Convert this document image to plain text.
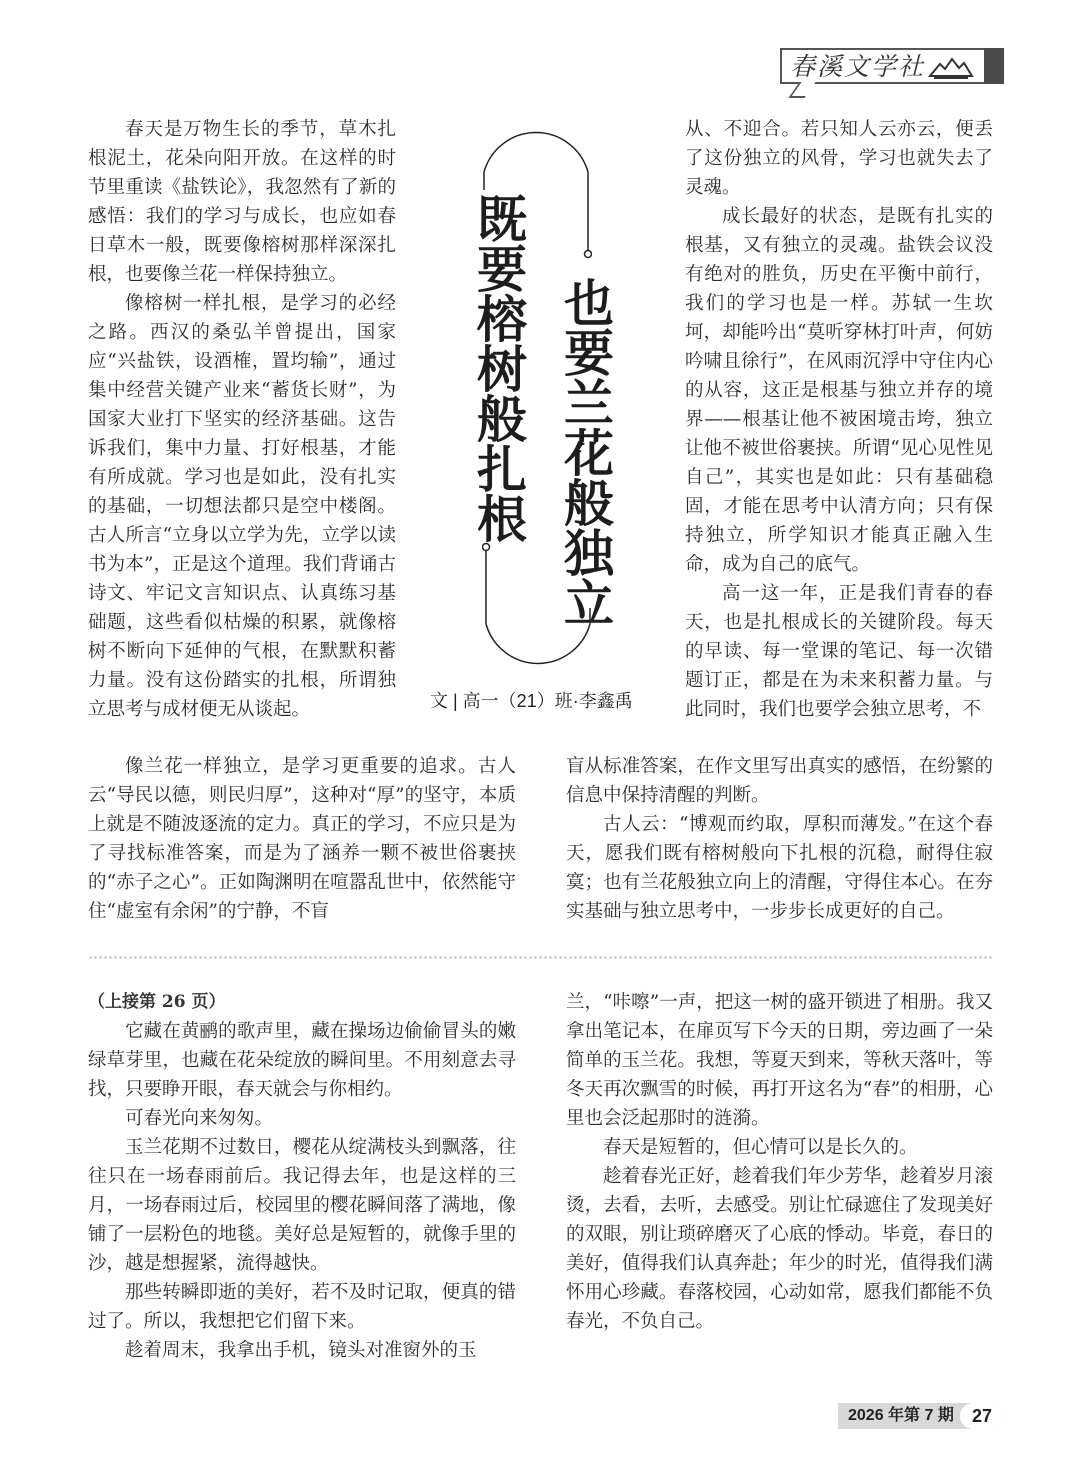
春溪文学社

春天是万物生长的季节，草木扎根泥土，花朵向阳开放。在这样的时节里重读《盐铁论》，我忽然有了新的感悟：我们的学习与成长，也应如春日草木一般，既要像榕树那样深深扎根，也要像兰花一样保持独立。

像榕树一样扎根，是学习的必经之路。西汉的桑弘羊曾提出，国家应“兴盐铁，设酒榷，置均输”，通过集中经营关键产业来“蓄货长财”，为国家大业打下坚实的经济基础。这告诉我们，集中力量、打好根基，才能有所成就。学习也是如此，没有扎实的基础，一切想法都只是空中楼阁。古人所言“立身以立学为先，立学以读书为本”，正是这个道理。我们背诵古诗文、牢记文言知识点、认真练习基础题，这些看似枯燥的积累，就像榕树不断向下延伸的气根，在默默积蓄力量。没有这份踏实的扎根，所谓独立思考与成材便无从谈起。

既要榕树般扎根 也要兰花般独立
文 | 高一（21）班·李鑫禹

从、不迎合。若只知人云亦云，便丢了这份独立的风骨，学习也就失去了灵魂。

成长最好的状态，是既有扎实的根基，又有独立的灵魂。盐铁会议没有绝对的胜负，历史在平衡中前行，我们的学习也是一样。苏轼一生坎坷，却能吟出“莫听穿林打叶声，何妨吟啸且徐行”，在风雨沉浮中守住内心的从容，这正是根基与独立并存的境界——根基让他不被困境击垮，独立让他不被世俗裹挟。所谓“见心见性见自己”，其实也是如此：只有基础稳固，才能在思考中认清方向；只有保持独立，所学知识才能真正融入生命，成为自己的底气。

高一这一年，正是我们青春的春天，也是扎根成长的关键阶段。每天的早读、每一堂课的笔记、每一次错题订正，都是在为未来积蓄力量。与此同时，我们也要学会独立思考，不

像兰花一样独立，是学习更重要的追求。古人云“导民以德，则民归厚”，这种对“厚”的坚守，本质上就是不随波逐流的定力。真正的学习，不应只是为了寻找标准答案，而是为了涵养一颗不被世俗裹挟的“赤子之心”。正如陶渊明在喧嚣乱世中，依然能守住“虚室有余闲”的宁静，不盲

盲从标准答案，在作文里写出真实的感悟，在纷繁的信息中保持清醒的判断。

古人云：“博观而约取，厚积而薄发。”在这个春天，愿我们既有榕树般向下扎根的沉稳，耐得住寂寞；也有兰花般独立向上的清醒，守得住本心。在夯实基础与独立思考中，一步步长成更好的自己。

（上接第 26 页）

它藏在黄鹂的歌声里，藏在操场边偷偷冒头的嫩绿草芽里，也藏在花朵绽放的瞬间里。不用刻意去寻找，只要睁开眼，春天就会与你相约。

可春光向来匆匆。

玉兰花期不过数日，樱花从绽满枝头到飘落，往往只在一场春雨前后。我记得去年，也是这样的三月，一场春雨过后，校园里的樱花瞬间落了满地，像铺了一层粉色的地毯。美好总是短暂的，就像手里的沙，越是想握紧，流得越快。

那些转瞬即逝的美好，若不及时记取，便真的错过了。所以，我想把它们留下来。

趁着周末，我拿出手机，镜头对准窗外的玉

兰，“咔嚓”一声，把这一树的盛开锁进了相册。我又拿出笔记本，在扉页写下今天的日期，旁边画了一朵简单的玉兰花。我想，等夏天到来，等秋天落叶，等冬天再次飘雪的时候，再打开这名为“春”的相册，心里也会泛起那时的涟漪。

春天是短暂的，但心情可以是长久的。

趁着春光正好，趁着我们年少芳华，趁着岁月滚烫，去看，去听，去感受。别让忙碌遮住了发现美好的双眼，别让琐碎磨灭了心底的悸动。毕竟，春日的美好，值得我们认真奔赴；年少的时光，值得我们满怀用心珍藏。春落校园，心动如常，愿我们都能不负春光，不负自己。

2026 年第 7 期	27
